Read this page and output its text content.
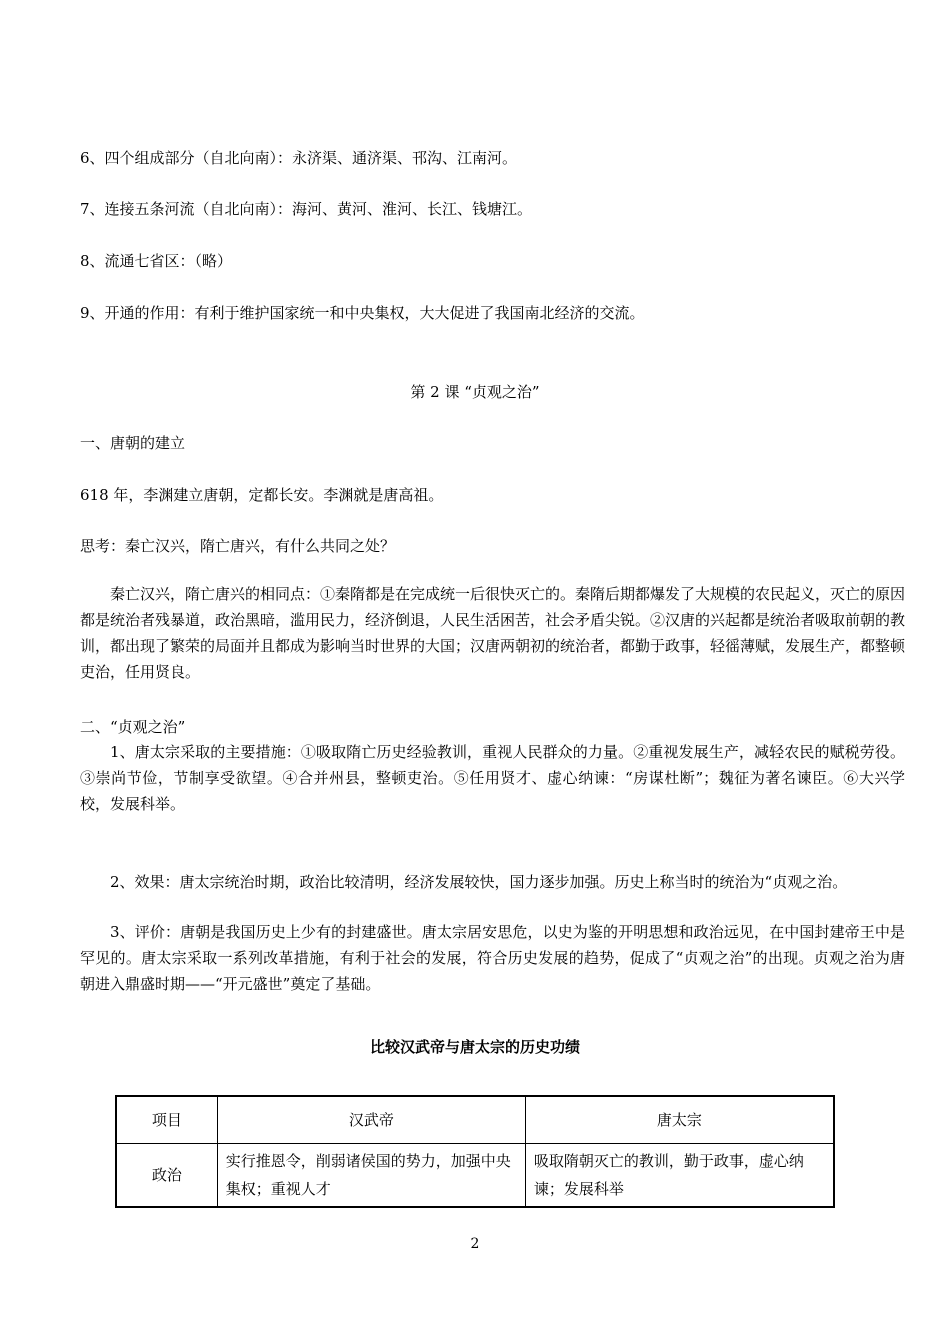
6、四个组成部分（自北向南）：永济渠、通济渠、邗沟、江南河。
7、连接五条河流（自北向南）：海河、黄河、淮河、长江、钱塘江。
8、流通七省区：（略）
9、开通的作用：有利于维护国家统一和中央集权，大大促进了我国南北经济的交流。
第 2 课 “贞观之治”
一、唐朝的建立
618 年，李渊建立唐朝，定都长安。李渊就是唐高祖。
思考：秦亡汉兴，隋亡唐兴，有什么共同之处？
秦亡汉兴，隋亡唐兴的相同点：①秦隋都是在完成统一后很快灭亡的。秦隋后期都爆发了大规模的农民起义，灭亡的原因都是统治者残暴道，政治黑暗，滥用民力，经济倒退，人民生活困苦，社会矛盾尖锐。②汉唐的兴起都是统治者吸取前朝的教训，都出现了繁荣的局面并且都成为影响当时世界的大国；汉唐两朝初的统治者，都勤于政事，轻徭薄赋，发展生产，都整顿吏治，任用贤良。
二、“贞观之治”
1、唐太宗采取的主要措施：①吸取隋亡历史经验教训，重视人民群众的力量。②重视发展生产，减轻农民的赋税劳役。③崇尚节俭，节制享受欲望。④合并州县，整顿吏治。⑤任用贤才、虚心纳谏：“房谋杜断”；魏征为著名谏臣。⑥大兴学校，发展科举。
2、效果：唐太宗统治时期，政治比较清明，经济发展较快，国力逐步加强。历史上称当时的统治为“贞观之治。
3、评价：唐朝是我国历史上少有的封建盛世。唐太宗居安思危，以史为鉴的开明思想和政治远见，在中国封建帝王中是罕见的。唐太宗采取一系列改革措施，有利于社会的发展，符合历史发展的趋势，促成了“贞观之治”的出现。贞观之治为唐朝进入鼎盛时期——“开元盛世”奠定了基础。
比较汉武帝与唐太宗的历史功绩
项目	汉武帝	唐太宗
政治	实行推恩令，削弱诸侯国的势力，加强中央集权；重视人才	吸取隋朝灭亡的教训，勤于政事，虚心纳谏；发展科举
2
